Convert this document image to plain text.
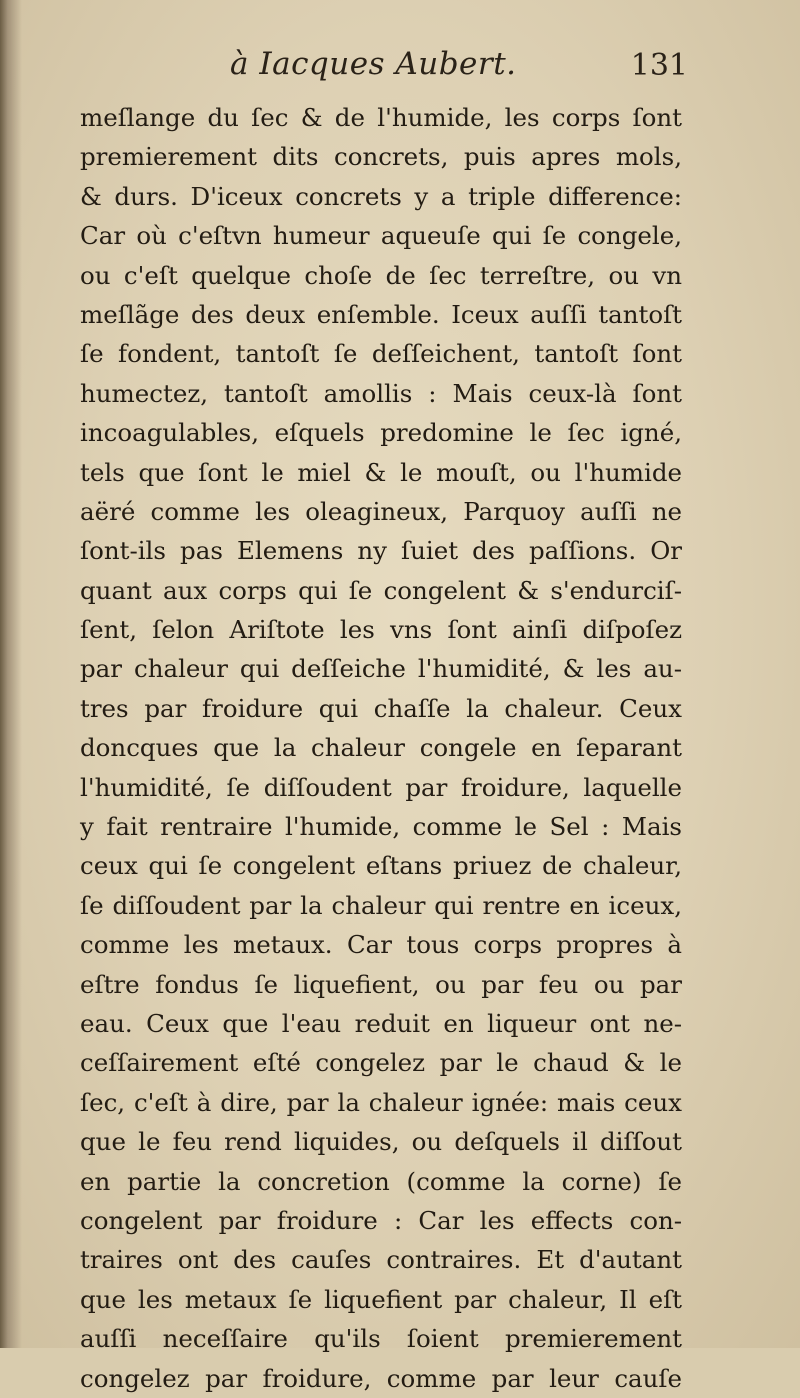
à Iacques Aubert.	131
meſlange du ſec & de l'humide, les corps ſont
premierement dits concrets, puis apres mols,
& durs. D'iceux concrets y a triple difference:
Car où c'eſtvn humeur aqueuſe qui ſe congele,
ou c'eſt quelque choſe de ſec terreſtre, ou vn
meſlãge des deux enſemble. Iceux auſſi tantoſt
ſe fondent, tantoſt ſe deſſeichent, tantoſt ſont
humectez, tantoſt amollis : Mais ceux-là ſont
incoagulables, eſquels predomine le ſec igné,
tels que ſont le miel & le mouſt, ou l'humide
aëré comme les oleagineux, Parquoy auſſi ne
ſont-ils pas Elemens ny ſuiet des paſſions. Or
quant aux corps qui ſe congelent & s'endurciſ-
ſent, ſelon Ariſtote les vns ſont ainſi diſpoſez
par chaleur qui deſſeiche l'humidité, & les au-
tres par froidure qui chaſſe la chaleur. Ceux
doncques que la chaleur congele en ſeparant
l'humidité, ſe diſſoudent par froidure, laquelle
y fait rentraire l'humide, comme le Sel : Mais
ceux qui ſe congelent eſtans priuez de chaleur,
ſe diſſoudent par la chaleur qui rentre en iceux,
comme les metaux. Car tous corps propres à
eſtre fondus ſe liquefient, ou par feu ou par
eau. Ceux que l'eau reduit en liqueur ont ne-
ceſſairement eſté congelez par le chaud & le
ſec, c'eſt à dire, par la chaleur ignée: mais ceux
que le feu rend liquides, ou deſquels il diſſout
en partie la concretion (comme la corne) ſe
congelent par froidure : Car les effects con-
traires ont des cauſes contraires. Et d'autant
que les metaux ſe liquefient par chaleur, Il eſt
auſſi neceſſaire qu'ils ſoient premierement
congelez par froidure, comme par leur cauſe
